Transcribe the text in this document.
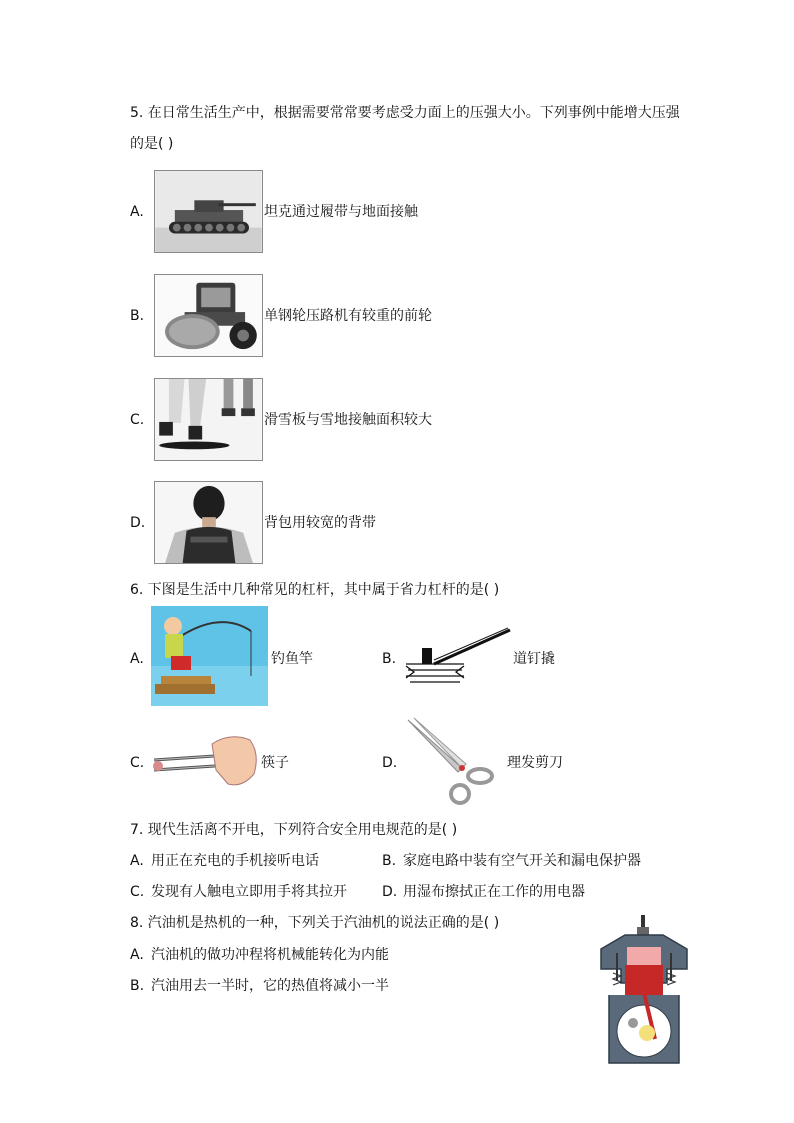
5. 在日常生活生产中，根据需要常常要考虑受力面上的压强大小。下列事例中能增大压强
的是( )
A.	坦克通过履带与地面接触
B.	单钢轮压路机有较重的前轮
C.	滑雪板与雪地接触面积较大
D.	背包用较宽的背带
6. 下图是生活中几种常见的杠杆，其中属于省力杠杆的是( )
A.	钓鱼竿	B.	道钉撬
C.	筷子	D.	理发剪刀
7. 现代生活离不开电，下列符合安全用电规范的是( )
A. 用正在充电的手机接听电话	B. 家庭电路中装有空气开关和漏电保护器
C. 发现有人触电立即用手将其拉开	D. 用湿布擦拭正在工作的用电器
8. 汽油机是热机的一种，下列关于汽油机的说法正确的是( )
A. 汽油机的做功冲程将机械能转化为内能
B. 汽油用去一半时，它的热值将减小一半
